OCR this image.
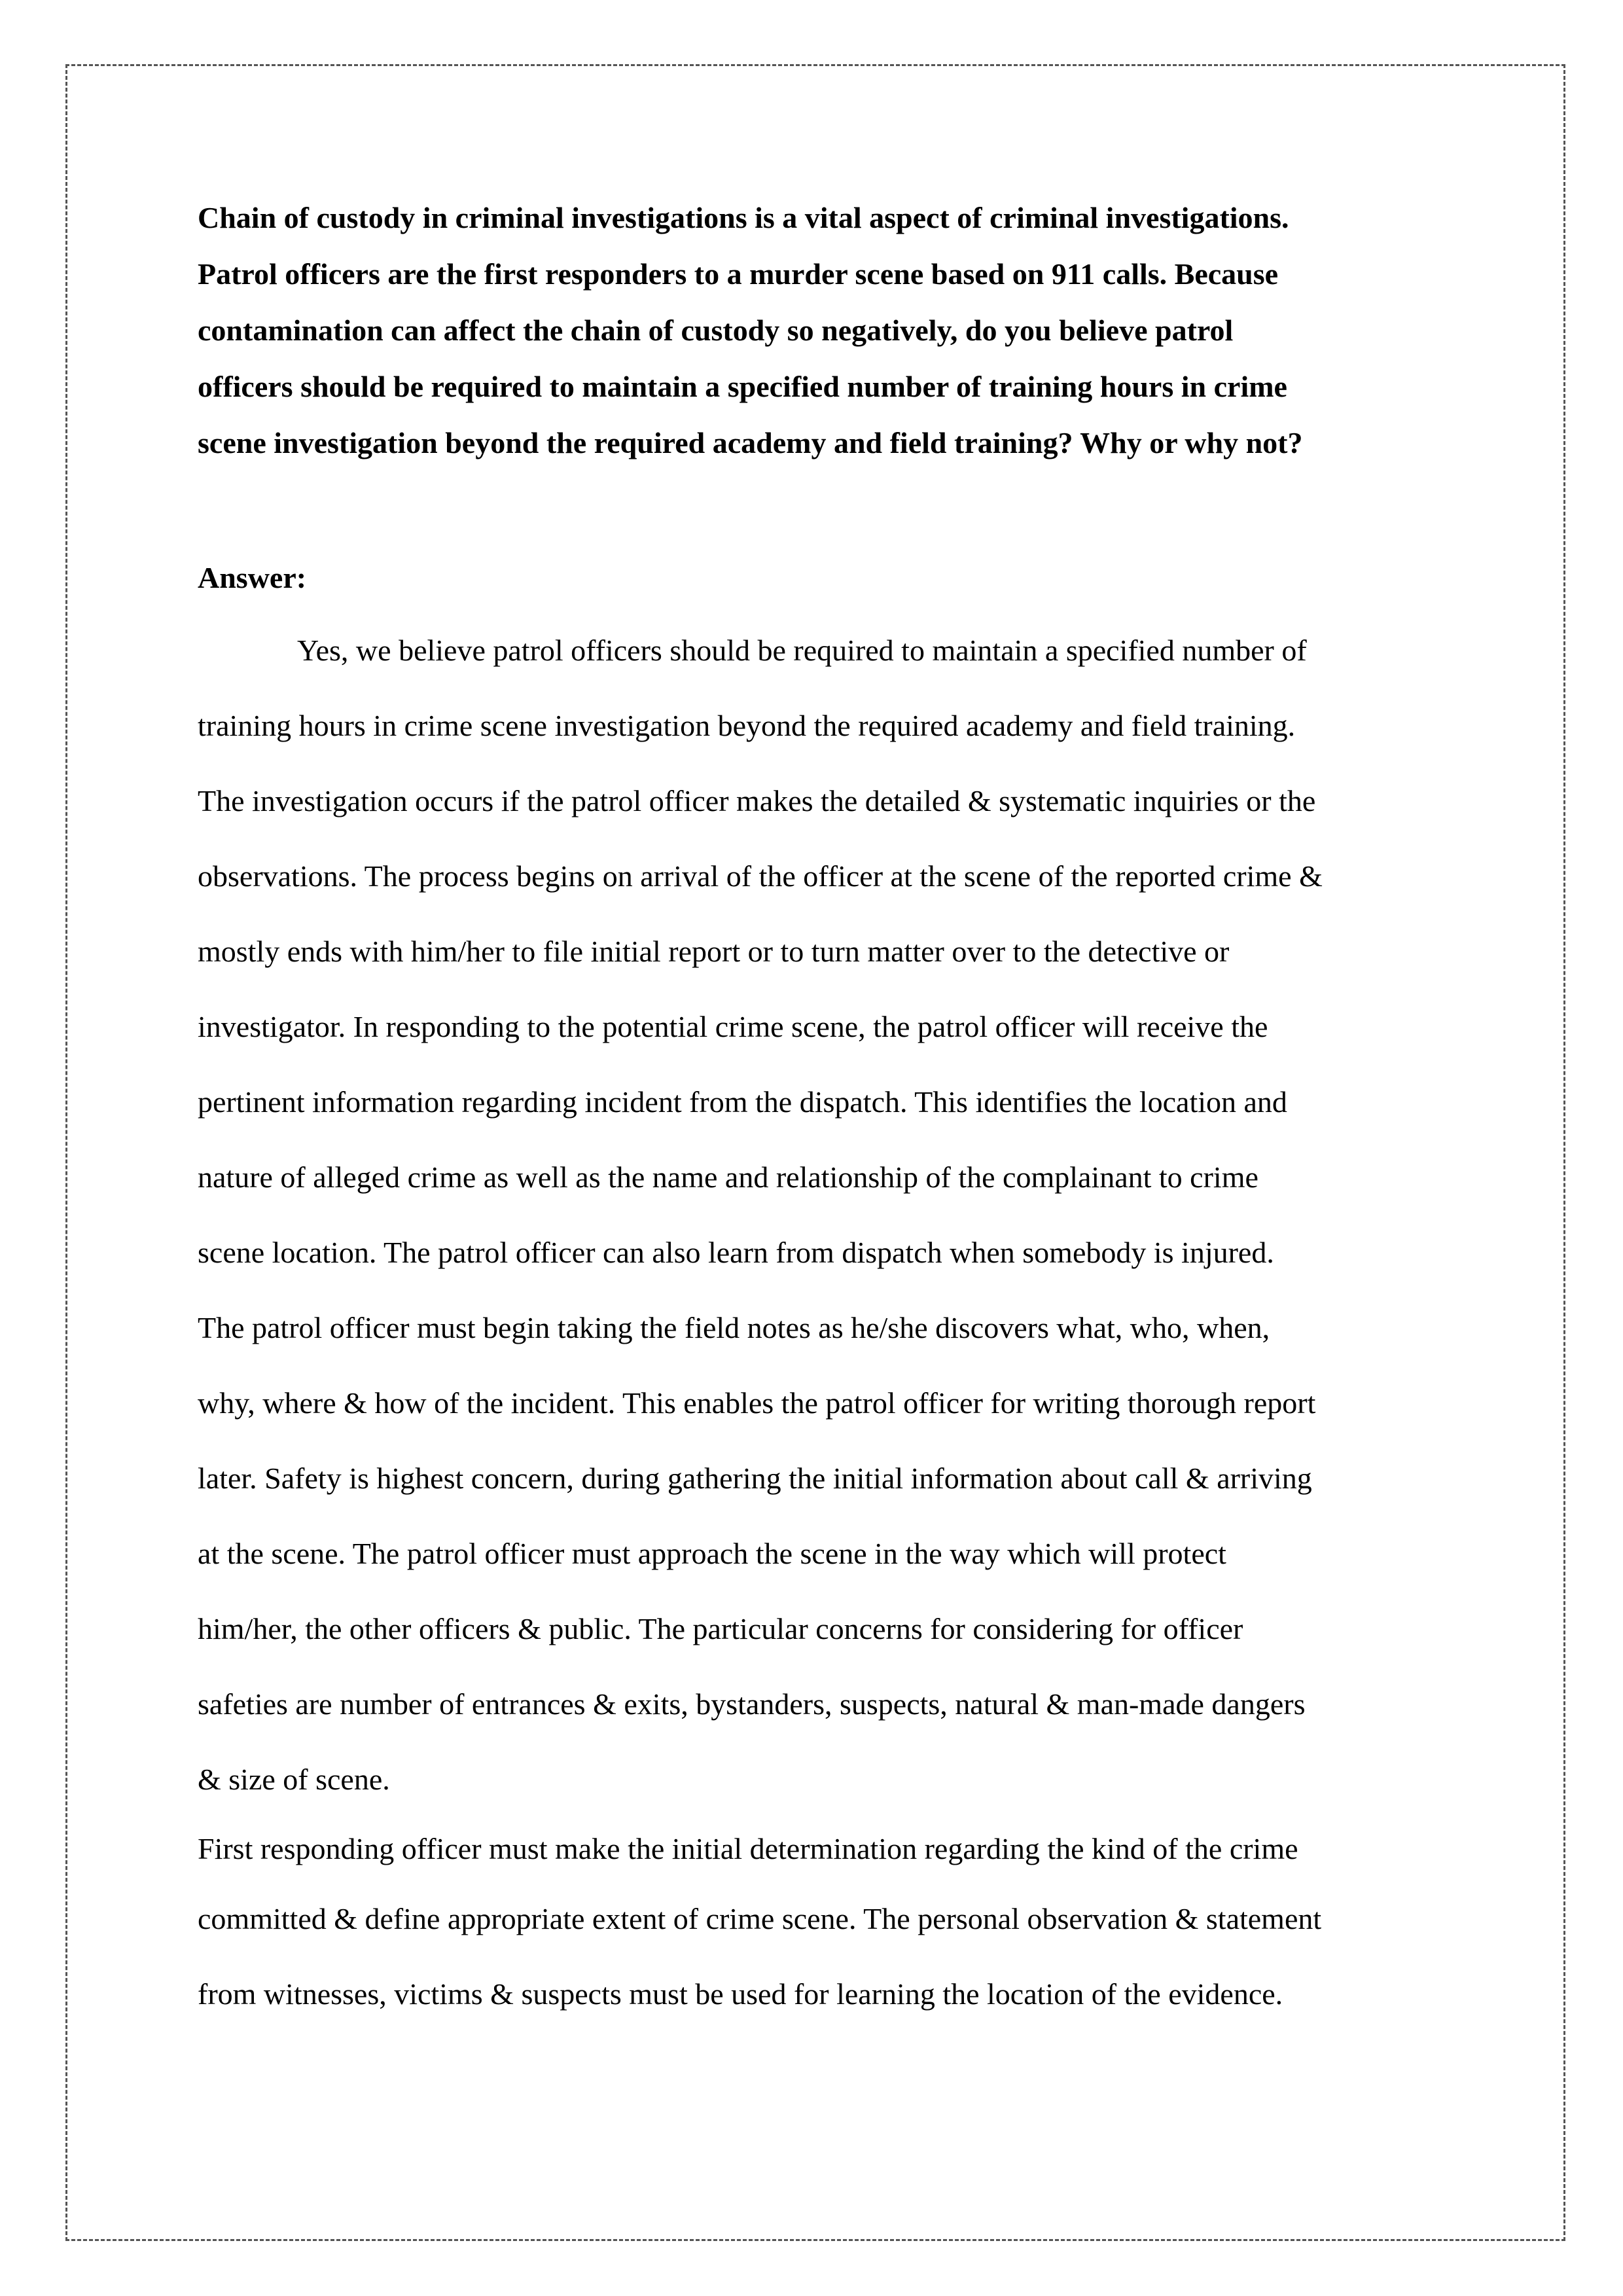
Chain of custody in criminal investigations is a vital aspect of criminal investigations.
Patrol officers are the first responders to a murder scene based on 911 calls. Because
contamination can affect the chain of custody so negatively, do you believe patrol
officers should be required to maintain a specified number of training hours in crime
scene investigation beyond the required academy and field training? Why or why not?

Answer:

Yes, we believe patrol officers should be required to maintain a specified number of
training hours in crime scene investigation beyond the required academy and field training.
The investigation occurs if the patrol officer makes the detailed & systematic inquiries or the
observations. The process begins on arrival of the officer at the scene of the reported crime &
mostly ends with him/her to file initial report or to turn matter over to the detective or
investigator. In responding to the potential crime scene, the patrol officer will receive the
pertinent information regarding incident from the dispatch. This identifies the location and
nature of alleged crime as well as the name and relationship of the complainant to crime
scene location. The patrol officer can also learn from dispatch when somebody is injured.
The patrol officer must begin taking the field notes as he/she discovers what, who, when,
why, where & how of the incident. This enables the patrol officer for writing thorough report
later. Safety is highest concern, during gathering the initial information about call & arriving
at the scene. The patrol officer must approach the scene in the way which will protect
him/her, the other officers & public. The particular concerns for considering for officer
safeties are number of entrances & exits, bystanders, suspects, natural & man-made dangers
& size of scene.

First responding officer must make the initial determination regarding the kind of the crime
committed & define appropriate extent of crime scene. The personal observation & statement
from witnesses, victims & suspects must be used for learning the location of the evidence.
